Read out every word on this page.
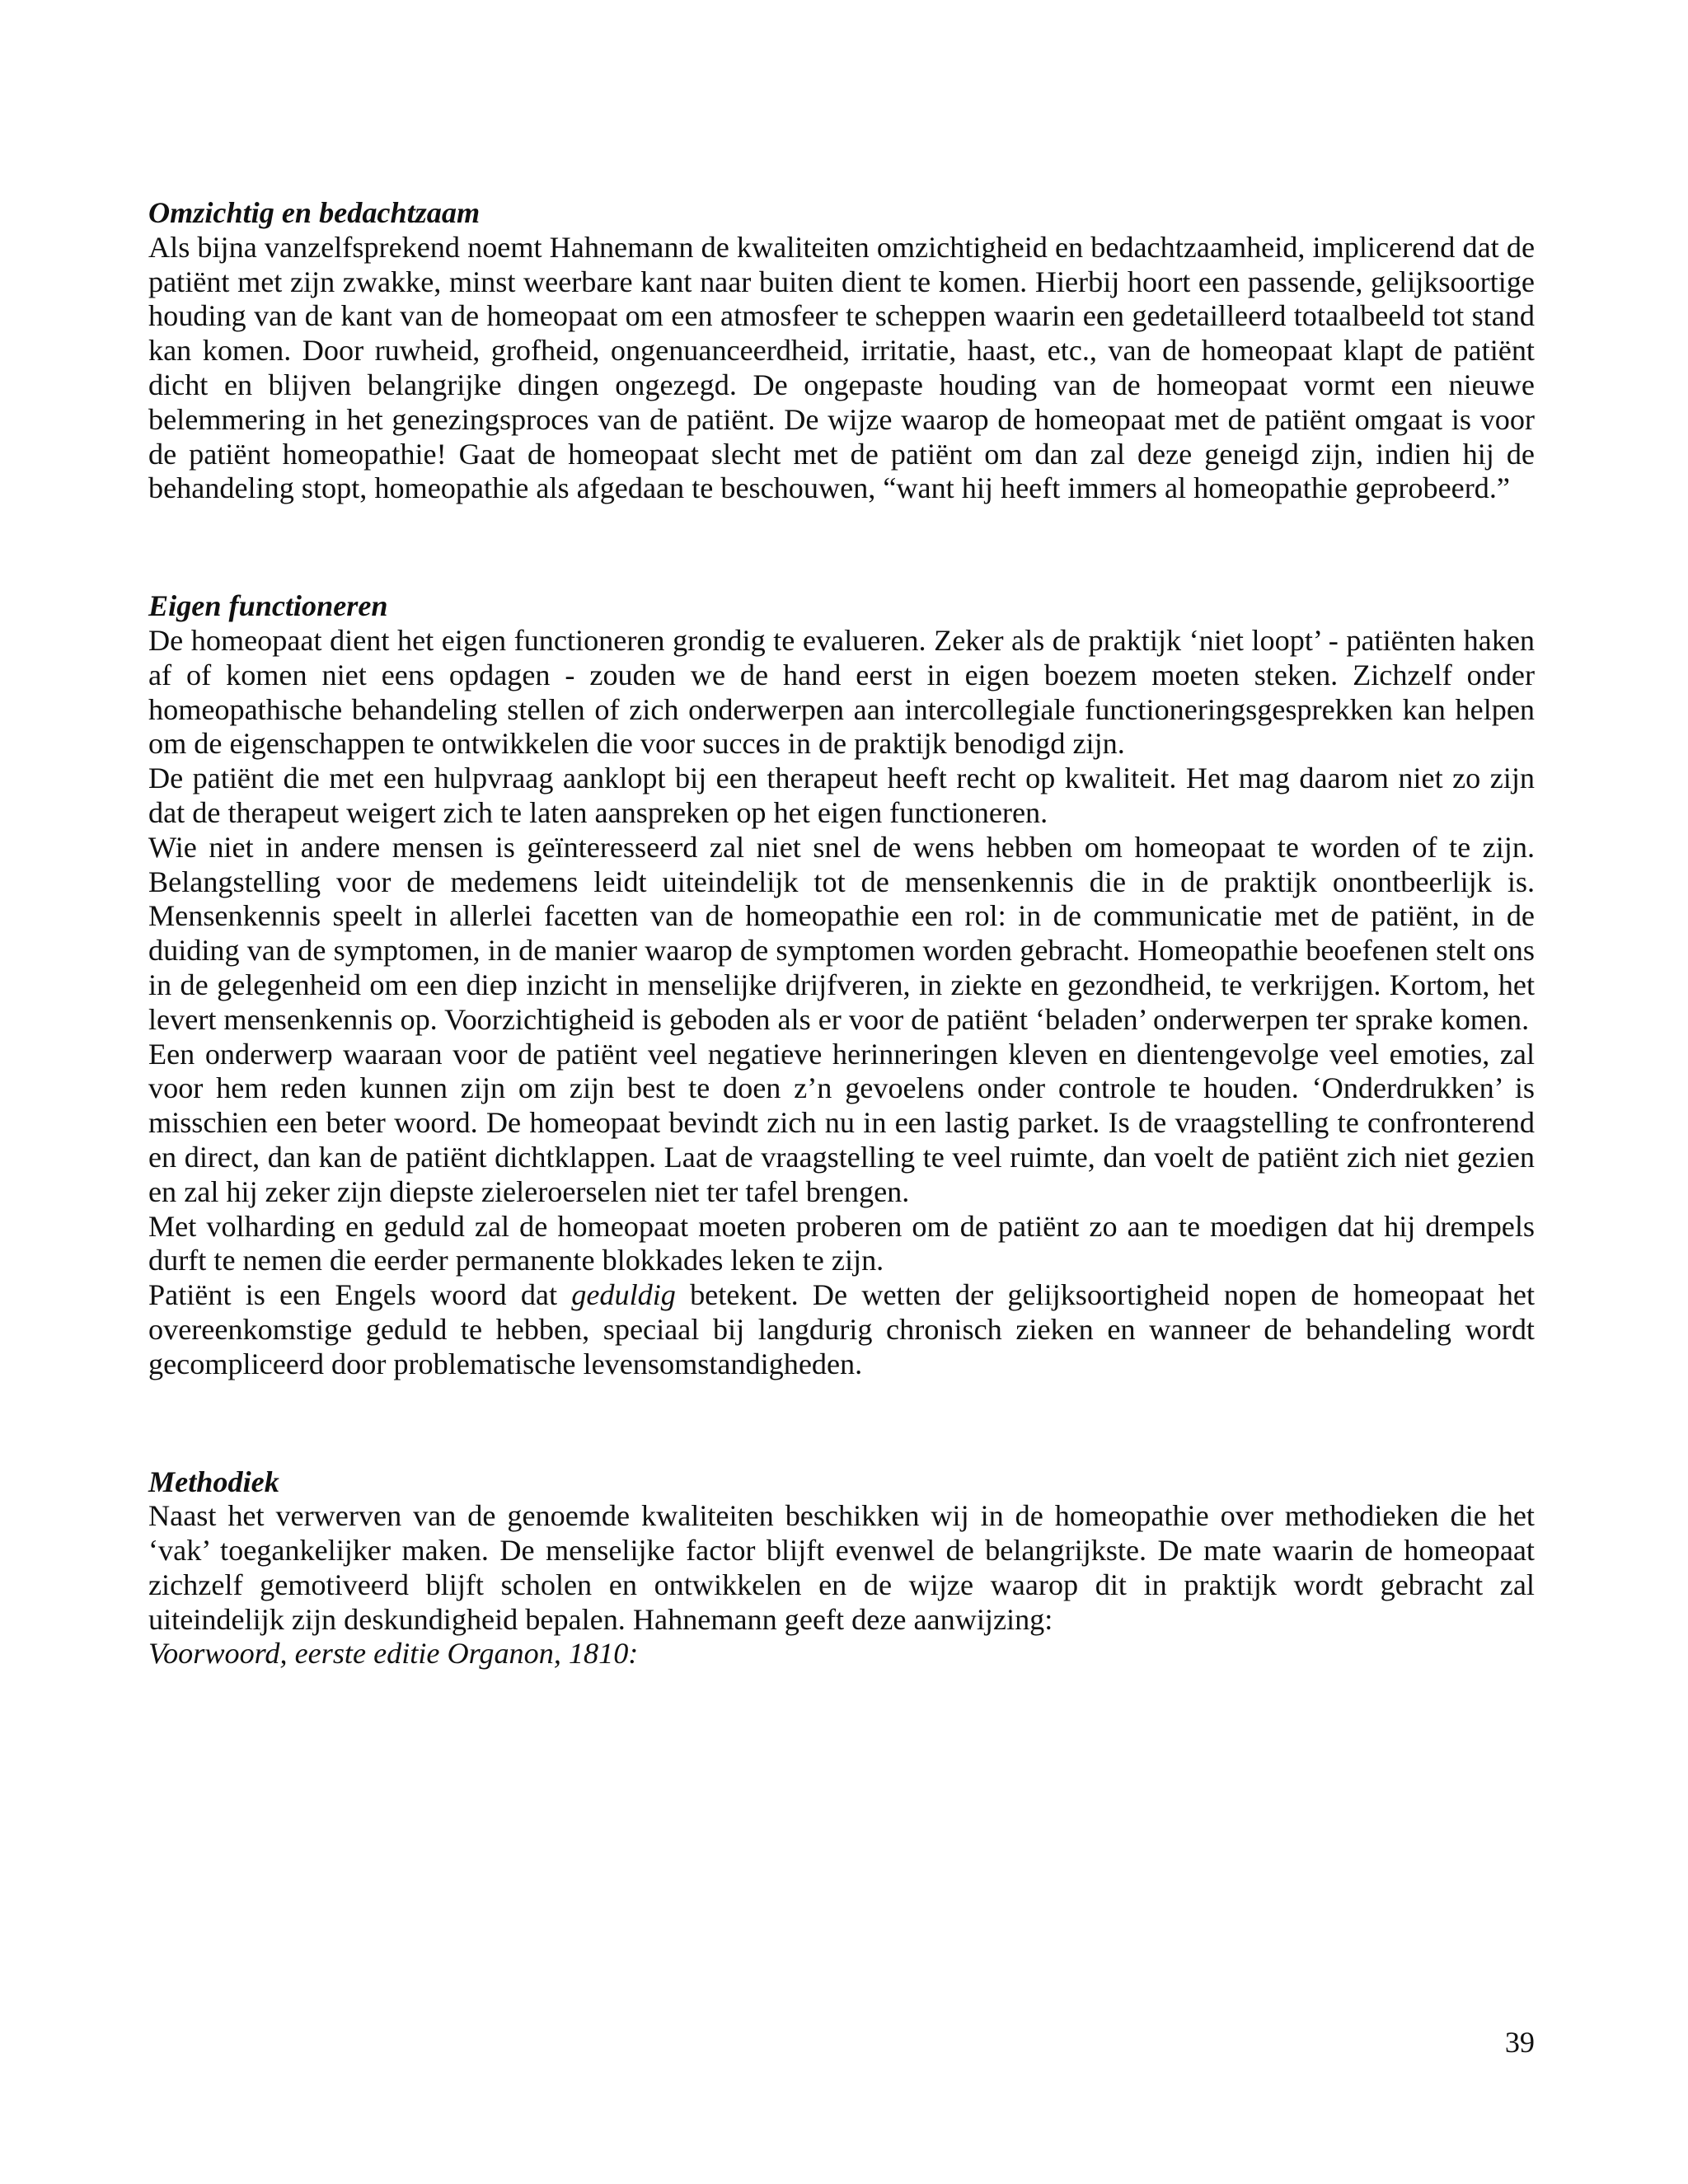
Omzichtig en bedachtzaam

Als bijna vanzelfsprekend noemt Hahnemann de kwaliteiten omzichtigheid en bedachtzaamheid, implicerend dat de patiënt met zijn zwakke, minst weerbare kant naar buiten dient te komen. Hierbij hoort een passende, gelijksoortige houding van de kant van de homeopaat om een atmosfeer te scheppen waarin een gedetailleerd totaalbeeld tot stand kan komen. Door ruwheid, grofheid, ongenuanceerdheid, irritatie, haast, etc., van de homeopaat klapt de patiënt dicht en blijven belangrijke dingen ongezegd. De ongepaste houding van de homeopaat vormt een nieuwe belemmering in het genezingsproces van de patiënt. De wijze waarop de homeopaat met de patiënt omgaat is voor de patiënt homeopathie! Gaat de homeopaat slecht met de patiënt om dan zal deze geneigd zijn, indien hij de behandeling stopt, homeopathie als afgedaan te beschouwen, “want hij heeft immers al homeopathie geprobeerd.”

Eigen functioneren

De homeopaat dient het eigen functioneren grondig te evalueren. Zeker als de praktijk ‘niet loopt’ - patiënten haken af of komen niet eens opdagen - zouden we de hand eerst in eigen boezem moeten steken. Zichzelf onder homeopathische behandeling stellen of zich onderwerpen aan intercollegiale functioneringsgesprekken kan helpen om de eigenschappen te ontwikkelen die voor succes in de praktijk benodigd zijn.

De patiënt die met een hulpvraag aanklopt bij een therapeut heeft recht op kwaliteit. Het mag daarom niet zo zijn dat de therapeut weigert zich te laten aanspreken op het eigen functioneren.

Wie niet in andere mensen is geïnteresseerd zal niet snel de wens hebben om homeopaat te worden of te zijn. Belangstelling voor de medemens leidt uiteindelijk tot de mensenkennis die in de praktijk onontbeerlijk is. Mensenkennis speelt in allerlei facetten van de homeopathie een rol: in de communicatie met de patiënt, in de duiding van de symptomen, in de manier waarop de symptomen worden gebracht. Homeopathie beoefenen stelt ons in de gelegenheid om een diep inzicht in menselijke drijfveren, in ziekte en gezondheid, te verkrijgen. Kortom, het levert mensenkennis op. Voorzichtigheid is geboden als er voor de patiënt ‘beladen’ onderwerpen ter sprake komen.

Een onderwerp waaraan voor de patiënt veel negatieve herinneringen kleven en dientengevolge veel emoties, zal voor hem reden kunnen zijn om zijn best te doen z’n gevoelens onder controle te houden. ‘Onderdrukken’ is misschien een beter woord. De homeopaat bevindt zich nu in een lastig parket. Is de vraagstelling te confronterend en direct, dan kan de patiënt dichtklappen. Laat de vraagstelling te veel ruimte, dan voelt de patiënt zich niet gezien en zal hij zeker zijn diepste zieleroerselen niet ter tafel brengen.

Met volharding en geduld zal de homeopaat moeten proberen om de patiënt zo aan te moedigen dat hij drempels durft te nemen die eerder permanente blokkades leken te zijn.

Patiënt is een Engels woord dat geduldig betekent. De wetten der gelijksoortigheid nopen de homeopaat het overeenkomstige geduld te hebben, speciaal bij langdurig chronisch zieken en wanneer de behandeling wordt gecompliceerd door problematische levensomstandigheden.

Methodiek

Naast het verwerven van de genoemde kwaliteiten beschikken wij in de homeopathie over methodieken die het ‘vak’ toegankelijker maken. De menselijke factor blijft evenwel de belangrijkste. De mate waarin de homeopaat zichzelf gemotiveerd blijft scholen en ontwikkelen en de wijze waarop dit in praktijk wordt gebracht zal uiteindelijk zijn deskundigheid bepalen. Hahnemann geeft deze aanwijzing:

Voorwoord, eerste editie Organon, 1810:

39
